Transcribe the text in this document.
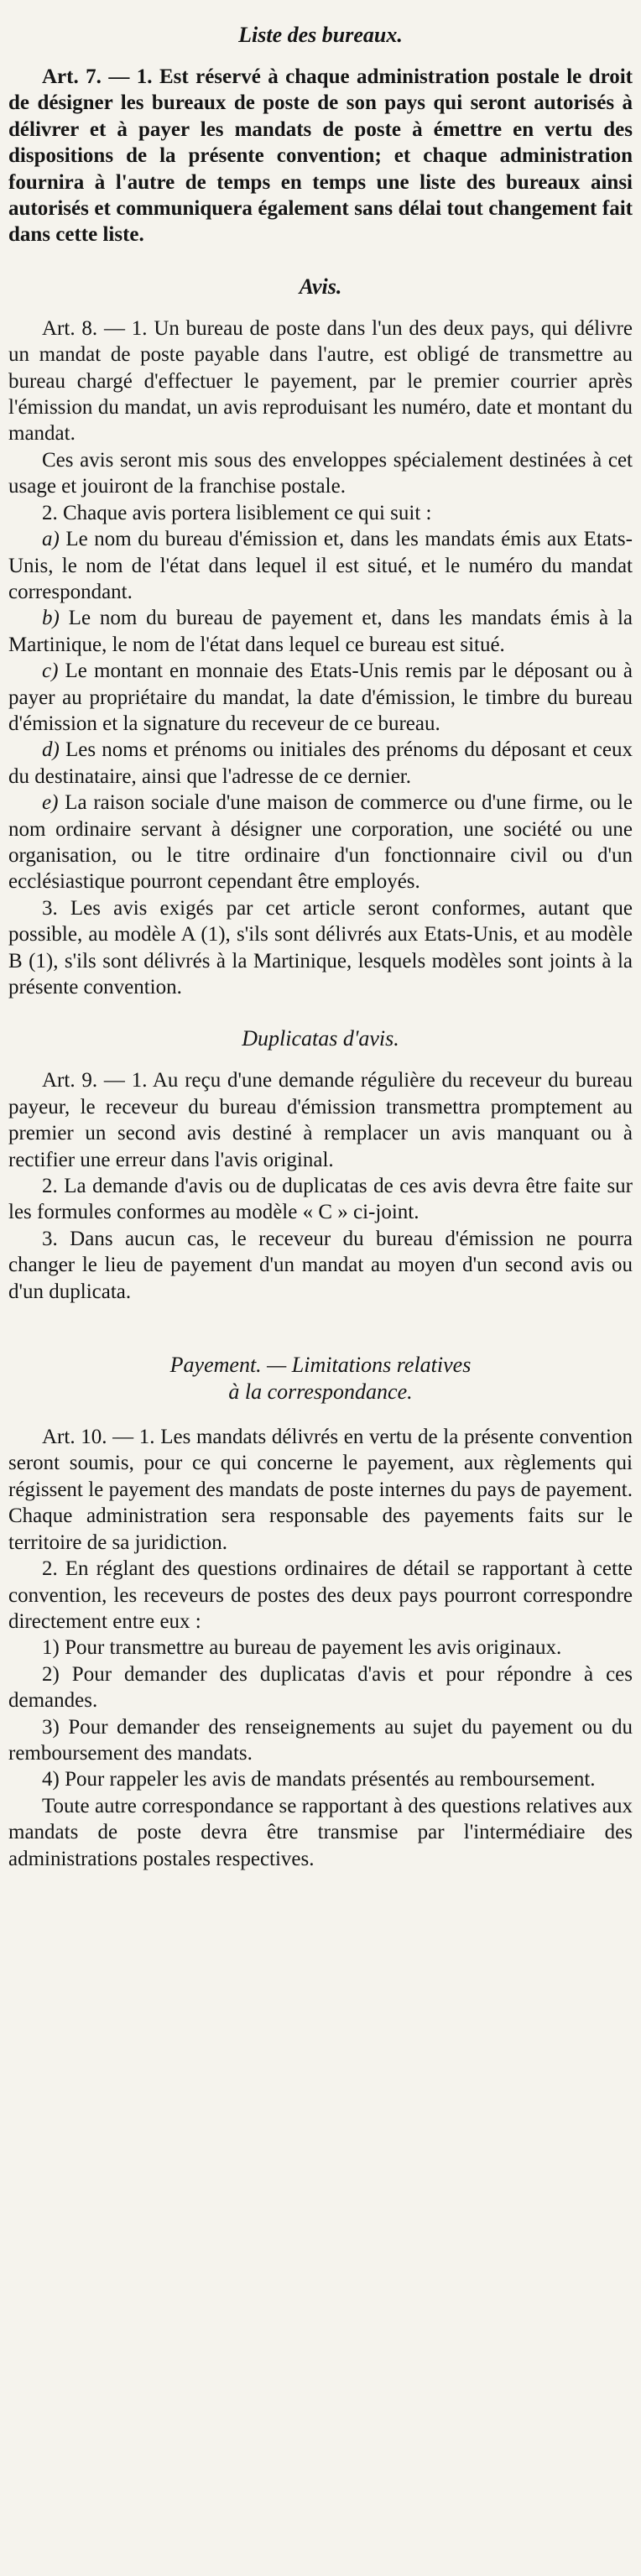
Liste des bureaux.

Art. 7. — 1. Est réservé à chaque administration postale le droit de désigner les bureaux de poste de son pays qui seront autorisés à délivrer et à payer les mandats de poste à émettre en vertu des dispositions de la présente convention; et chaque administration fournira à l'autre de temps en temps une liste des bureaux ainsi autorisés et communiquera également sans délai tout changement fait dans cette liste.

Avis.

Art. 8. — 1. Un bureau de poste dans l'un des deux pays, qui délivre un mandat de poste payable dans l'autre, est obligé de transmettre au bureau chargé d'effectuer le payement, par le premier courrier après l'émission du mandat, un avis reproduisant les numéro, date et montant du mandat.

Ces avis seront mis sous des enveloppes spécialement destinées à cet usage et jouiront de la franchise postale.

2. Chaque avis portera lisiblement ce qui suit :

a) Le nom du bureau d'émission et, dans les mandats émis aux Etats-Unis, le nom de l'état dans lequel il est situé, et le numéro du mandat correspondant.

b) Le nom du bureau de payement et, dans les mandats émis à la Martinique, le nom de l'état dans lequel ce bureau est situé.

c) Le montant en monnaie des Etats-Unis remis par le déposant ou à payer au propriétaire du mandat, la date d'émission, le timbre du bureau d'émission et la signature du receveur de ce bureau.

d) Les noms et prénoms ou initiales des prénoms du déposant et ceux du destinataire, ainsi que l'adresse de ce dernier.

e) La raison sociale d'une maison de commerce ou d'une firme, ou le nom ordinaire servant à désigner une corporation, une société ou une organisation, ou le titre ordinaire d'un fonctionnaire civil ou d'un ecclésiastique pourront cependant être employés.

3. Les avis exigés par cet article seront conformes, autant que possible, au modèle A (1), s'ils sont délivrés aux Etats-Unis, et au modèle B (1), s'ils sont délivrés à la Martinique, lesquels modèles sont joints à la présente convention.

Duplicatas d'avis.

Art. 9. — 1. Au reçu d'une demande régulière du receveur du bureau payeur, le receveur du bureau d'émission transmettra promptement au premier un second avis destiné à remplacer un avis manquant ou à rectifier une erreur dans l'avis original.

2. La demande d'avis ou de duplicatas de ces avis devra être faite sur les formules conformes au modèle « C » ci-joint.

3. Dans aucun cas, le receveur du bureau d'émission ne pourra changer le lieu de payement d'un mandat au moyen d'un second avis ou d'un duplicata.

Payement. — Limitations relatives
à la correspondance.

Art. 10. — 1. Les mandats délivrés en vertu de la présente convention seront soumis, pour ce qui concerne le payement, aux règlements qui régissent le payement des mandats de poste internes du pays de payement. Chaque administration sera responsable des payements faits sur le territoire de sa juridiction.

2. En réglant des questions ordinaires de détail se rapportant à cette convention, les receveurs de postes des deux pays pourront correspondre directement entre eux :

1) Pour transmettre au bureau de payement les avis originaux.

2) Pour demander des duplicatas d'avis et pour répondre à ces demandes.

3) Pour demander des renseignements au sujet du payement ou du remboursement des mandats.

4) Pour rappeler les avis de mandats présentés au remboursement.

Toute autre correspondance se rapportant à des questions relatives aux mandats de poste devra être transmise par l'intermédiaire des administrations postales respectives.
